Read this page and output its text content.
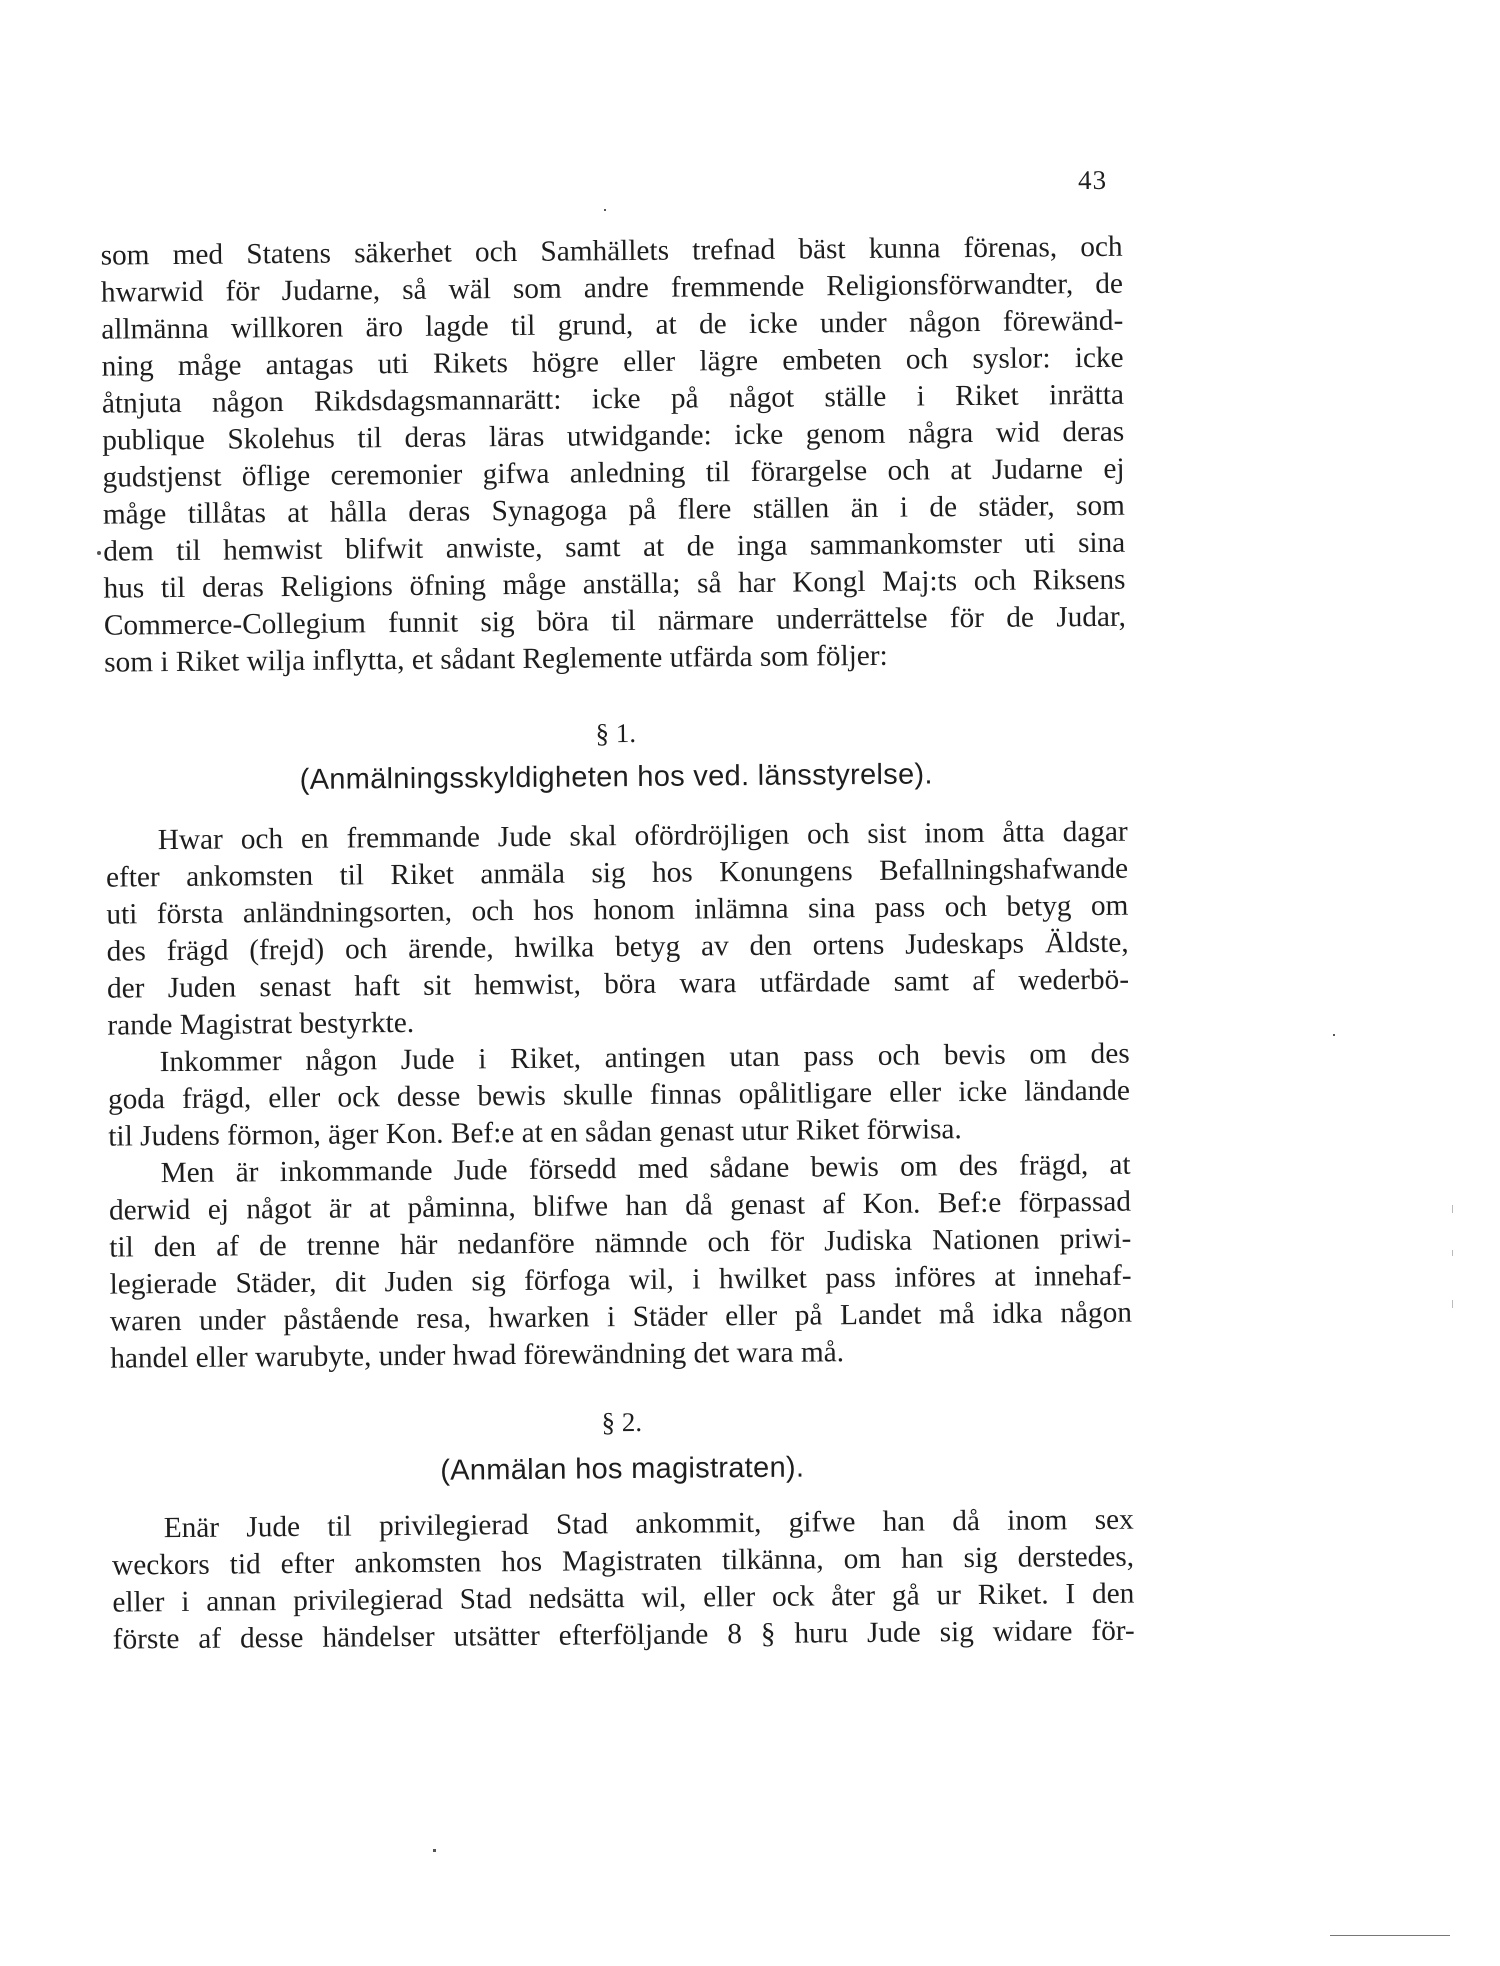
43
som med Statens säkerhet och Samhällets trefnad bäst kunna förenas, och
hwarwid för Judarne, så wäl som andre fremmende Religionsförwandter, de
allmänna willkoren äro lagde til grund, at de icke under någon förewänd-
ning måge antagas uti Rikets högre eller lägre embeten och syslor: icke
åtnjuta någon Rikdsdagsmannarätt: icke på något ställe i Riket inrätta
publique Skolehus til deras läras utwidgande: icke genom några wid deras
gudstjenst öflige ceremonier gifwa anledning til förargelse och at Judarne ej
måge tillåtas at hålla deras Synagoga på flere ställen än i de städer, som
dem til hemwist blifwit anwiste, samt at de inga sammankomster uti sina
hus til deras Religions öfning måge anställa; så har Kongl Maj:ts och Riksens
Commerce-Collegium funnit sig böra til närmare underrättelse för de Judar,
som i Riket wilja inflytta, et sådant Reglemente utfärda som följer:
§ 1.
(Anmälningsskyldigheten hos ved. länsstyrelse).
Hwar och en fremmande Jude skal ofördröjligen och sist inom åtta dagar
efter ankomsten til Riket anmäla sig hos Konungens Befallningshafwande
uti första anländningsorten, och hos honom inlämna sina pass och betyg om
des frägd (frejd) och ärende, hwilka betyg av den ortens Judeskaps Äldste,
der Juden senast haft sit hemwist, böra wara utfärdade samt af wederbö-
rande Magistrat bestyrkte.
Inkommer någon Jude i Riket, antingen utan pass och bevis om des
goda frägd, eller ock desse bewis skulle finnas opålitligare eller icke ländande
til Judens förmon, äger Kon. Bef:e at en sådan genast utur Riket förwisa.
Men är inkommande Jude försedd med sådane bewis om des frägd, at
derwid ej något är at påminna, blifwe han då genast af Kon. Bef:e förpassad
til den af de trenne här nedanföre nämnde och för Judiska Nationen priwi-
legierade Städer, dit Juden sig förfoga wil, i hwilket pass införes at innehaf-
waren under påstående resa, hwarken i Städer eller på Landet må idka någon
handel eller warubyte, under hwad förewändning det wara må.
§ 2.
(Anmälan hos magistraten).
Enär Jude til privilegierad Stad ankommit, gifwe han då inom sex
weckors tid efter ankomsten hos Magistraten tilkänna, om han sig derstedes,
eller i annan privilegierad Stad nedsätta wil, eller ock åter gå ur Riket. I den
förste af desse händelser utsätter efterföljande 8 § huru Jude sig widare för-
